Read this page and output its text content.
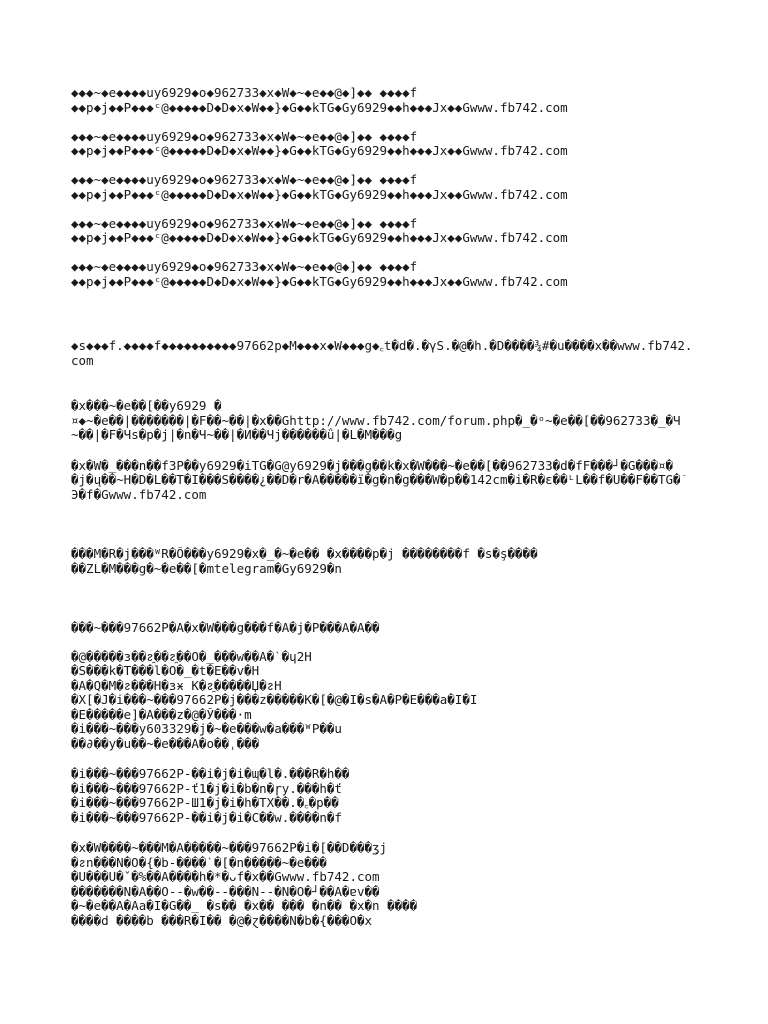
◆◆◆~◆e◆◆◆◆uy6929◆o◆962733◆x◆W◆~◆e◆◆@◆]◆◆ ◆◆◆◆f
◆◆p◆j◆◆P◆◆◆ᶜ@◆◆◆◆◆D◆D◆x◆W◆◆}◆G◆◆kTG◆Gy6929◆◆h◆◆◆Jx◆◆Gwww.fb742.com
◆◆◆~◆e◆◆◆◆uy6929◆o◆962733◆x◆W◆~◆e◆◆@◆]◆◆ ◆◆◆◆f
◆◆p◆j◆◆P◆◆◆ᶜ@◆◆◆◆◆D◆D◆x◆W◆◆}◆G◆◆kTG◆Gy6929◆◆h◆◆◆Jx◆◆Gwww.fb742.com
◆◆◆~◆e◆◆◆◆uy6929◆o◆962733◆x◆W◆~◆e◆◆@◆]◆◆ ◆◆◆◆f
◆◆p◆j◆◆P◆◆◆ᶜ@◆◆◆◆◆D◆D◆x◆W◆◆}◆G◆◆kTG◆Gy6929◆◆h◆◆◆Jx◆◆Gwww.fb742.com
◆◆◆~◆e◆◆◆◆uy6929◆o◆962733◆x◆W◆~◆e◆◆@◆]◆◆ ◆◆◆◆f
◆◆p◆j◆◆P◆◆◆ᶜ@◆◆◆◆◆D◆D◆x◆W◆◆}◆G◆◆kTG◆Gy6929◆◆h◆◆◆Jx◆◆Gwww.fb742.com
◆◆◆~◆e◆◆◆◆uy6929◆o◆962733◆x◆W◆~◆e◆◆@◆]◆◆ ◆◆◆◆f
◆◆p◆j◆◆P◆◆◆ᶜ@◆◆◆◆◆D◆D◆x◆W◆◆}◆G◆◆kTG◆Gy6929◆◆h◆◆◆Jx◆◆Gwww.fb742.com
◆s◆◆◆f.◆◆◆◆f◆◆◆◆◆◆◆◆◆◆97662p◆M◆◆◆x◆W◆◆◆g◆꜀t�d�.�γS.�@�h.�D����¾#�u����x��www.fb742.
com
�x���~�e��[��y6929 �
¤◆~�e��|�������|�F��~��|�x��Ghttp://www.fb742.com/forum.php�_�ᵒ~�e��[��962733�_�Ч
~��|�F�Чs�p�j|�n�Ч~��|�И��Чj������ǘ|�L�M���g
�x�W�_���n��f3P��y6929�iTG�G@y6929�j���g��k�x�W���~�e��[��962733�d�fF���┘�G���¤�
�j�ų��~H�D�L��T�I���S����¿��D�r�A�����ï�g�n�g���W�p��142cm�i�R�ɛ��ᴸL��f�U��F��TG�ֿ
Э�f�Gwww.fb742.com
���M�R�j���ᵂR�Ō���y6929�x�_�~�e�� �x����p�j ��������f �s�̧s����
��ZL�M���g�~�e��[�mtelegram�Gy6929�n
���~���97662P�A�x�W���g���f�A�j�P���A�A��
�@�����ɜ��ᴤ̯��ᴤ̯��O�_���w��A�ˋ�ɥ2H
�S���k�T���l�O�_�t�E��v�H
�A�Q�M�ᴤ���H�ɜӿ K�ᴤ̯�����Џ�ᴤH
�X[�J�i���~���97662P�j���z�����K�[�@�I�s�A�P�E���a�I�I
�E�����e]�A���z�@�Ў���·m
�i���~���y603329�j�~�e���w�a���ᵂP��u
��∂��y�u��~�e���A�o��ˌ���
�i���~���97662P-��i�j�i�ɰ�l�.���R�h��
�i���~���97662P-ť1�j�i�b�n�ɼy.���h�ť
�i���~���97662P-Ш1�j�i�h�TX��.�꜀�p��
�i���~���97662P-��i�j�i�C��w.����n�f
�x�W����~���M�A�����~���97662P�i�[��D���̧ʒj
�ᴤn���N�O�{�b-����ˋ�[�n�����~�e���
�U���U�ˇ�%��A����h�*�ᴗf�x��Gwww.fb742.com
�������N�A��O--�w��--���N--�N�O�┘��A�ɐv��
�~�e��A�Aa�I�G��_ �s�� �x�� ��� �n�� �x�n ����
����d ����b ���R�I�� �@�ɀ����N�b�{���O�x
